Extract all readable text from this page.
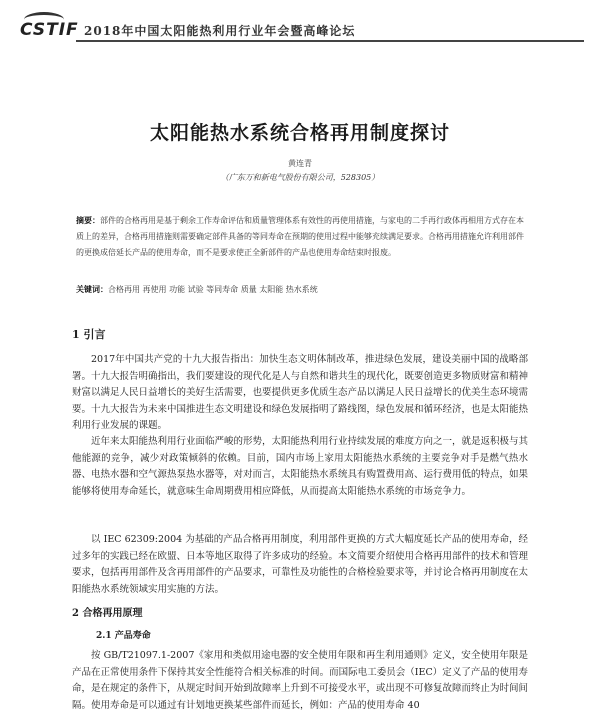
CSTIF 2018年中国太阳能热利用行业年会暨高峰论坛
太阳能热水系统合格再用制度探讨
黄连青
（广东万和新电气股份有限公司，528305）
摘要：部件的合格再用是基于剩余工作寿命评估和质量管理体系有效性的再使用措施，与家电的二手再行政体再相用方式存在本质上的差异，合格再用措施则需要确定部件具备的等同寿命在预期的使用过程中能够充续满足要求。合格再用措施允许利用部件的更换成倍延长产品的使用寿命，而不是要求使正全新部件的产品也使用寿命结束时报废。
关键词：合格再用 再使用 功能 试验 等同寿命 质量 太阳能 热水系统
1 引言
2017年中国共产党的十九大报告指出：加快生态文明体制改革，推进绿色发展，建设美丽中国的战略部署。十九大报告明确指出，我们要建设的现代化是人与自然和谐共生的现代化，既要创造更多物质财富和精神财富以满足人民日益增长的美好生活需要，也要提供更多优质生态产品以满足人民日益增长的优美生态环境需要。十九大报告为未来中国推进生态文明建设和绿色发展指明了路线图，绿色发展和循环经济，也是太阳能热利用行业发展的课题。
近年来太阳能热利用行业面临严峻的形势，太阳能热利用行业持续发展的难度方向之一，就是返积极与其他能源的竞争，减少对政策倾斜的依赖。目前，国内市场上家用太阳能热水系统的主要竞争对手是燃气热水器、电热水器和空气源热泵热水器等，对对而言，太阳能热水系统具有购置费用高、运行费用低的特点，如果能够将使用寿命延长，就意味生命周期费用相应降低，从而提高太阳能热水系统的市场竞争力。
以 IEC 62309:2004 为基础的产品合格再用制度，利用部件更换的方式大幅度延长产品的使用寿命，经过多年的实践已经在欧盟、日本等地区取得了许多成功的经验。本文简要介绍使用合格再用部件的技术和管理要求，包括再用部件及含再用部件的产品要求，可靠性及功能性的合格检验要求等，并讨论合格再用制度在太阳能热水系统领域实用实施的方法。
2 合格再用原理
2.1 产品寿命
按 GB/T21097.1-2007《家用和类似用途电器的安全使用年限和再生利用通则》定义，安全使用年限是产品在正常使用条件下保持其安全性能符合相关标准的时间。而国际电工委员会（IEC）定义了产品的使用寿命，是在规定的条件下，从规定时间开始到故障率上升到不可接受水平，或出现不可修复故障而终止为时间间隔。使用寿命是可以通过有计划地更换某些部件而延长，例如：产品的使用寿命 40
